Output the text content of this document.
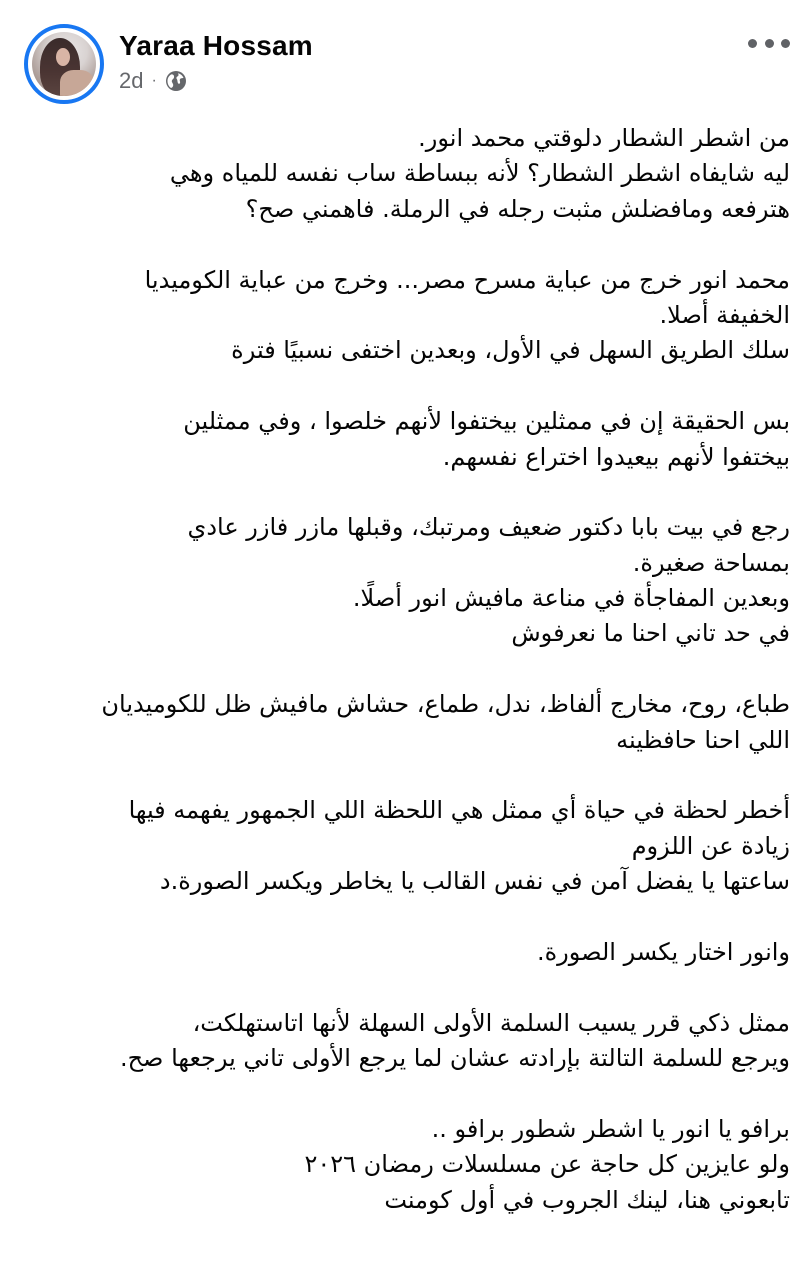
Yaraa Hossam
2d ·
من اشطر الشطار دلوقتي محمد انور.
ليه شايفاه اشطر الشطار؟ لأنه ببساطة ساب نفسه للمياه وهي
هترفعه ومافضلش مثبت رجله في الرملة. فاهمني صح؟
محمد انور خرج من عباية مسرح مصر... وخرج من عباية الكوميديا
الخفيفة أصلا.
سلك الطريق السهل في الأول، وبعدين اختفى نسبيًا فترة
بس الحقيقة إن في ممثلين بيختفوا لأنهم خلصوا ، وفي ممثلين
بيختفوا لأنهم بيعيدوا اختراع نفسهم.
رجع في بيت بابا دكتور ضعيف ومرتبك، وقبلها مازر فازر عادي
بمساحة صغيرة.
وبعدين المفاجأة في مناعة مافيش انور أصلًا.
في حد تاني احنا ما نعرفوش
طباع، روح، مخارج ألفاظ، ندل، طماع، حشاش مافيش ظل للكوميديان
اللي احنا حافظينه
أخطر لحظة في حياة أي ممثل هي اللحظة اللي الجمهور يفهمه فيها
زيادة عن اللزوم
ساعتها يا يفضل آمن في نفس القالب يا يخاطر ويكسر الصورة.د
وانور اختار يكسر الصورة.
ممثل ذكي قرر يسيب السلمة الأولى السهلة لأنها اتاستهلكت،
ويرجع للسلمة التالتة بإرادته عشان لما يرجع الأولى تاني يرجعها صح.
برافو يا انور يا اشطر شطور برافو ..
ولو عايزين كل حاجة عن مسلسلات رمضان ٢٠٢٦
تابعوني هنا، لينك الجروب في أول كومنت
